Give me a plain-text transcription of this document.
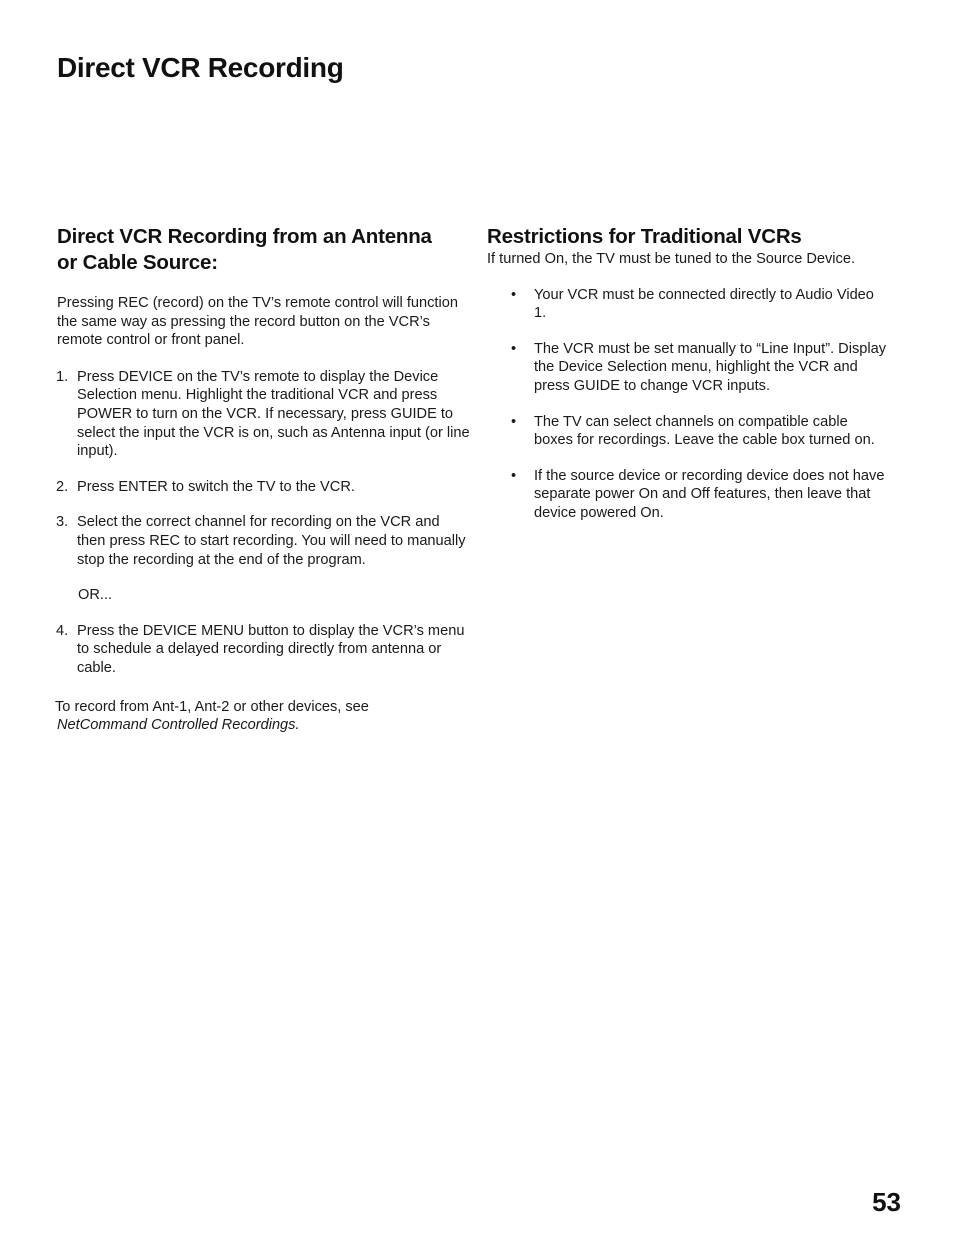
Direct VCR Recording
Direct VCR Recording from an Antenna
or Cable Source:

Pressing REC (record) on the TV’s remote control will function the same way as pressing the record button on the VCR’s remote control or front panel.

1. Press DEVICE on the TV’s remote to display the Device Selection menu. Highlight the traditional VCR and press POWER to turn on the VCR. If necessary, press GUIDE to select the input the VCR is on, such as Antenna input (or line input).
2. Press ENTER to switch the TV to the VCR.
3. Select the correct channel for recording on the VCR and then press REC to start recording. You will need to manually stop the recording at the end of the program.
OR...
4. Press the DEVICE MENU button to display the VCR’s menu to schedule a delayed recording directly from antenna or cable.
To record from Ant-1, Ant-2 or other devices, see
NetCommand Controlled Recordings.
Restrictions for Traditional VCRs

If turned On, the TV must be tuned to the Source Device.

• Your VCR must be connected directly to Audio Video 1.
• The VCR must be set manually to “Line Input”. Display the Device Selection menu, highlight the VCR and press GUIDE to change VCR inputs.
• The TV can select channels on compatible cable boxes for recordings. Leave the cable box turned on.
• If the source device or recording device does not have separate power On and Off features, then leave that device powered On.
53
